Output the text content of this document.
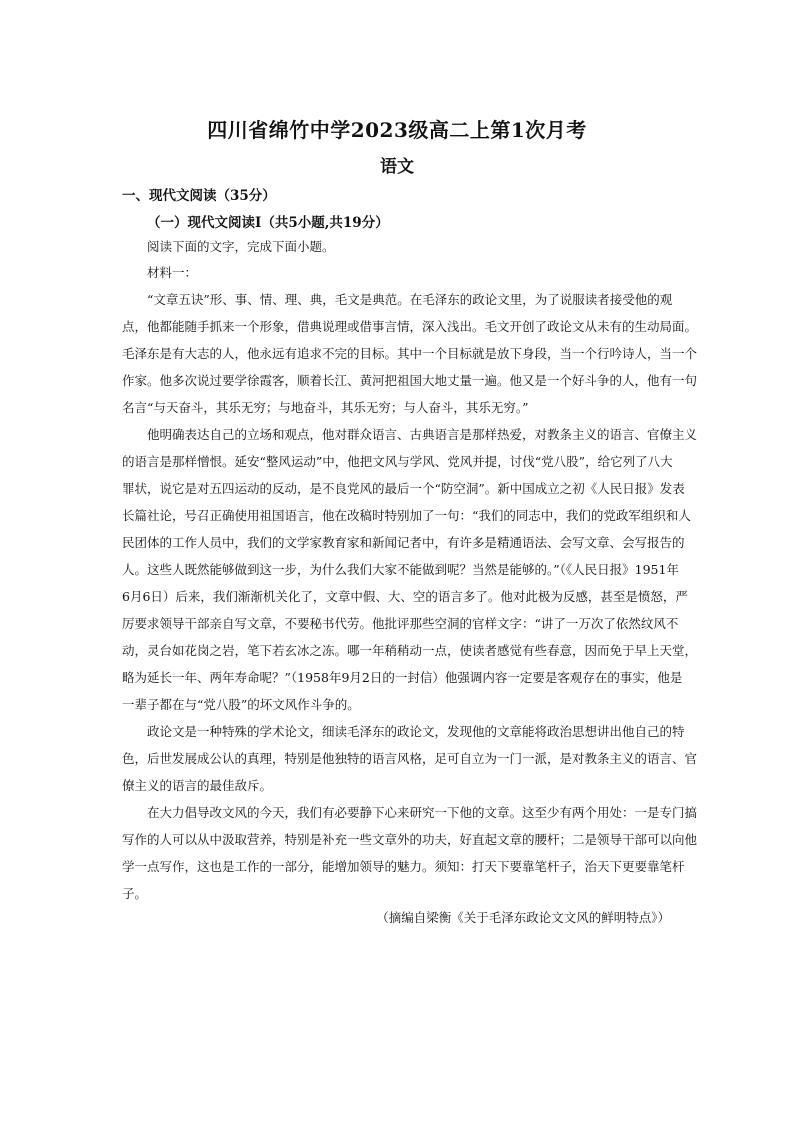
四川省绵竹中学2023级高二上第1次月考
语文
一、现代文阅读（35分）
（一）现代文阅读Ⅰ（共5小题,共19分）
阅读下面的文字，完成下面小题。
材料一：
“文章五诀”形、事、情、理、典，毛文是典范。在毛泽东的政论文里，为了说服读者接受他的观
点，他都能随手抓来一个形象，借典说理或借事言情，深入浅出。毛文开创了政论文从未有的生动局面。
毛泽东是有大志的人，他永远有追求不完的目标。其中一个目标就是放下身段，当一个行吟诗人，当一个
作家。他多次说过要学徐霞客，顺着长江、黄河把祖国大地丈量一遍。他又是一个好斗争的人，他有一句
名言“与天奋斗，其乐无穷；与地奋斗，其乐无穷；与人奋斗，其乐无穷。”
他明确表达自己的立场和观点，他对群众语言、古典语言是那样热爱，对教条主义的语言、官僚主义
的语言是那样憎恨。延安“整风运动”中，他把文风与学风、党风并提，讨伐“党八股”，给它列了八大
罪状，说它是对五四运动的反动，是不良党风的最后一个“防空洞”。新中国成立之初《人民日报》发表
长篇社论，号召正确使用祖国语言，他在改稿时特别加了一句：“我们的同志中，我们的党政军组织和人
民团体的工作人员中，我们的文学家教育家和新闻记者中，有许多是精通语法、会写文章、会写报告的
人。这些人既然能够做到这一步，为什么我们大家不能做到呢？当然是能够的。”（《人民日报》1951年
6月6日）后来，我们渐渐机关化了，文章中假、大、空的语言多了。他对此极为反感，甚至是愤怒，严
厉要求领导干部亲自写文章，不要秘书代劳。他批评那些空洞的官样文字：“讲了一万次了依然纹风不
动，灵台如花岗之岩，笔下若玄冰之冻。哪一年稍稍动一点，使读者感觉有些春意，因而免于早上天堂，
略为延长一年、两年寿命呢？”（1958年9月2日的一封信）他强调内容一定要是客观存在的事实，他是
一辈子都在与“党八股”的坏文风作斗争的。
政论文是一种特殊的学术论文，细读毛泽东的政论文，发现他的文章能将政治思想讲出他自己的特
色，后世发展成公认的真理，特别是他独特的语言风格，足可自立为一门一派，是对教条主义的语言、官
僚主义的语言的最佳敌斥。
在大力倡导改文风的今天，我们有必要静下心来研究一下他的文章。这至少有两个用处：一是专门搞
写作的人可以从中汲取营养，特别是补充一些文章外的功夫，好直起文章的腰杆；二是领导干部可以向他
学一点写作，这也是工作的一部分，能增加领导的魅力。须知：打天下要靠笔杆子，治天下更要靠笔杆
子。
（摘编自梁衡《关于毛泽东政论文文风的鲜明特点》）
